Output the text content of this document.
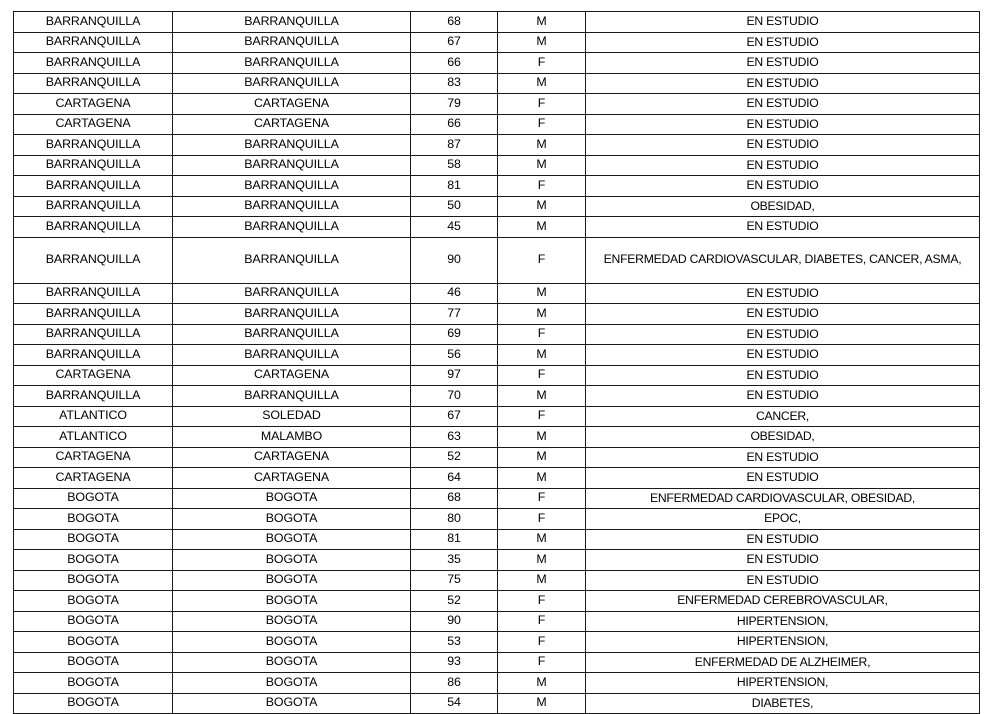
BARRANQUILLA	BARRANQUILLA	68	M	EN ESTUDIO
BARRANQUILLA	BARRANQUILLA	67	M	EN ESTUDIO
BARRANQUILLA	BARRANQUILLA	66	F	EN ESTUDIO
BARRANQUILLA	BARRANQUILLA	83	M	EN ESTUDIO
CARTAGENA	CARTAGENA	79	F	EN ESTUDIO
CARTAGENA	CARTAGENA	66	F	EN ESTUDIO
BARRANQUILLA	BARRANQUILLA	87	M	EN ESTUDIO
BARRANQUILLA	BARRANQUILLA	58	M	EN ESTUDIO
BARRANQUILLA	BARRANQUILLA	81	F	EN ESTUDIO
BARRANQUILLA	BARRANQUILLA	50	M	OBESIDAD,
BARRANQUILLA	BARRANQUILLA	45	M	EN ESTUDIO
BARRANQUILLA	BARRANQUILLA	90	F	ENFERMEDAD CARDIOVASCULAR, DIABETES, CANCER, ASMA,
BARRANQUILLA	BARRANQUILLA	46	M	EN ESTUDIO
BARRANQUILLA	BARRANQUILLA	77	M	EN ESTUDIO
BARRANQUILLA	BARRANQUILLA	69	F	EN ESTUDIO
BARRANQUILLA	BARRANQUILLA	56	M	EN ESTUDIO
CARTAGENA	CARTAGENA	97	F	EN ESTUDIO
BARRANQUILLA	BARRANQUILLA	70	M	EN ESTUDIO
ATLANTICO	SOLEDAD	67	F	CANCER,
ATLANTICO	MALAMBO	63	M	OBESIDAD,
CARTAGENA	CARTAGENA	52	M	EN ESTUDIO
CARTAGENA	CARTAGENA	64	M	EN ESTUDIO
BOGOTA	BOGOTA	68	F	ENFERMEDAD CARDIOVASCULAR, OBESIDAD,
BOGOTA	BOGOTA	80	F	EPOC,
BOGOTA	BOGOTA	81	M	EN ESTUDIO
BOGOTA	BOGOTA	35	M	EN ESTUDIO
BOGOTA	BOGOTA	75	M	EN ESTUDIO
BOGOTA	BOGOTA	52	F	ENFERMEDAD CEREBROVASCULAR,
BOGOTA	BOGOTA	90	F	HIPERTENSION,
BOGOTA	BOGOTA	53	F	HIPERTENSION,
BOGOTA	BOGOTA	93	F	ENFERMEDAD DE ALZHEIMER,
BOGOTA	BOGOTA	86	M	HIPERTENSION,
BOGOTA	BOGOTA	54	M	DIABETES,
